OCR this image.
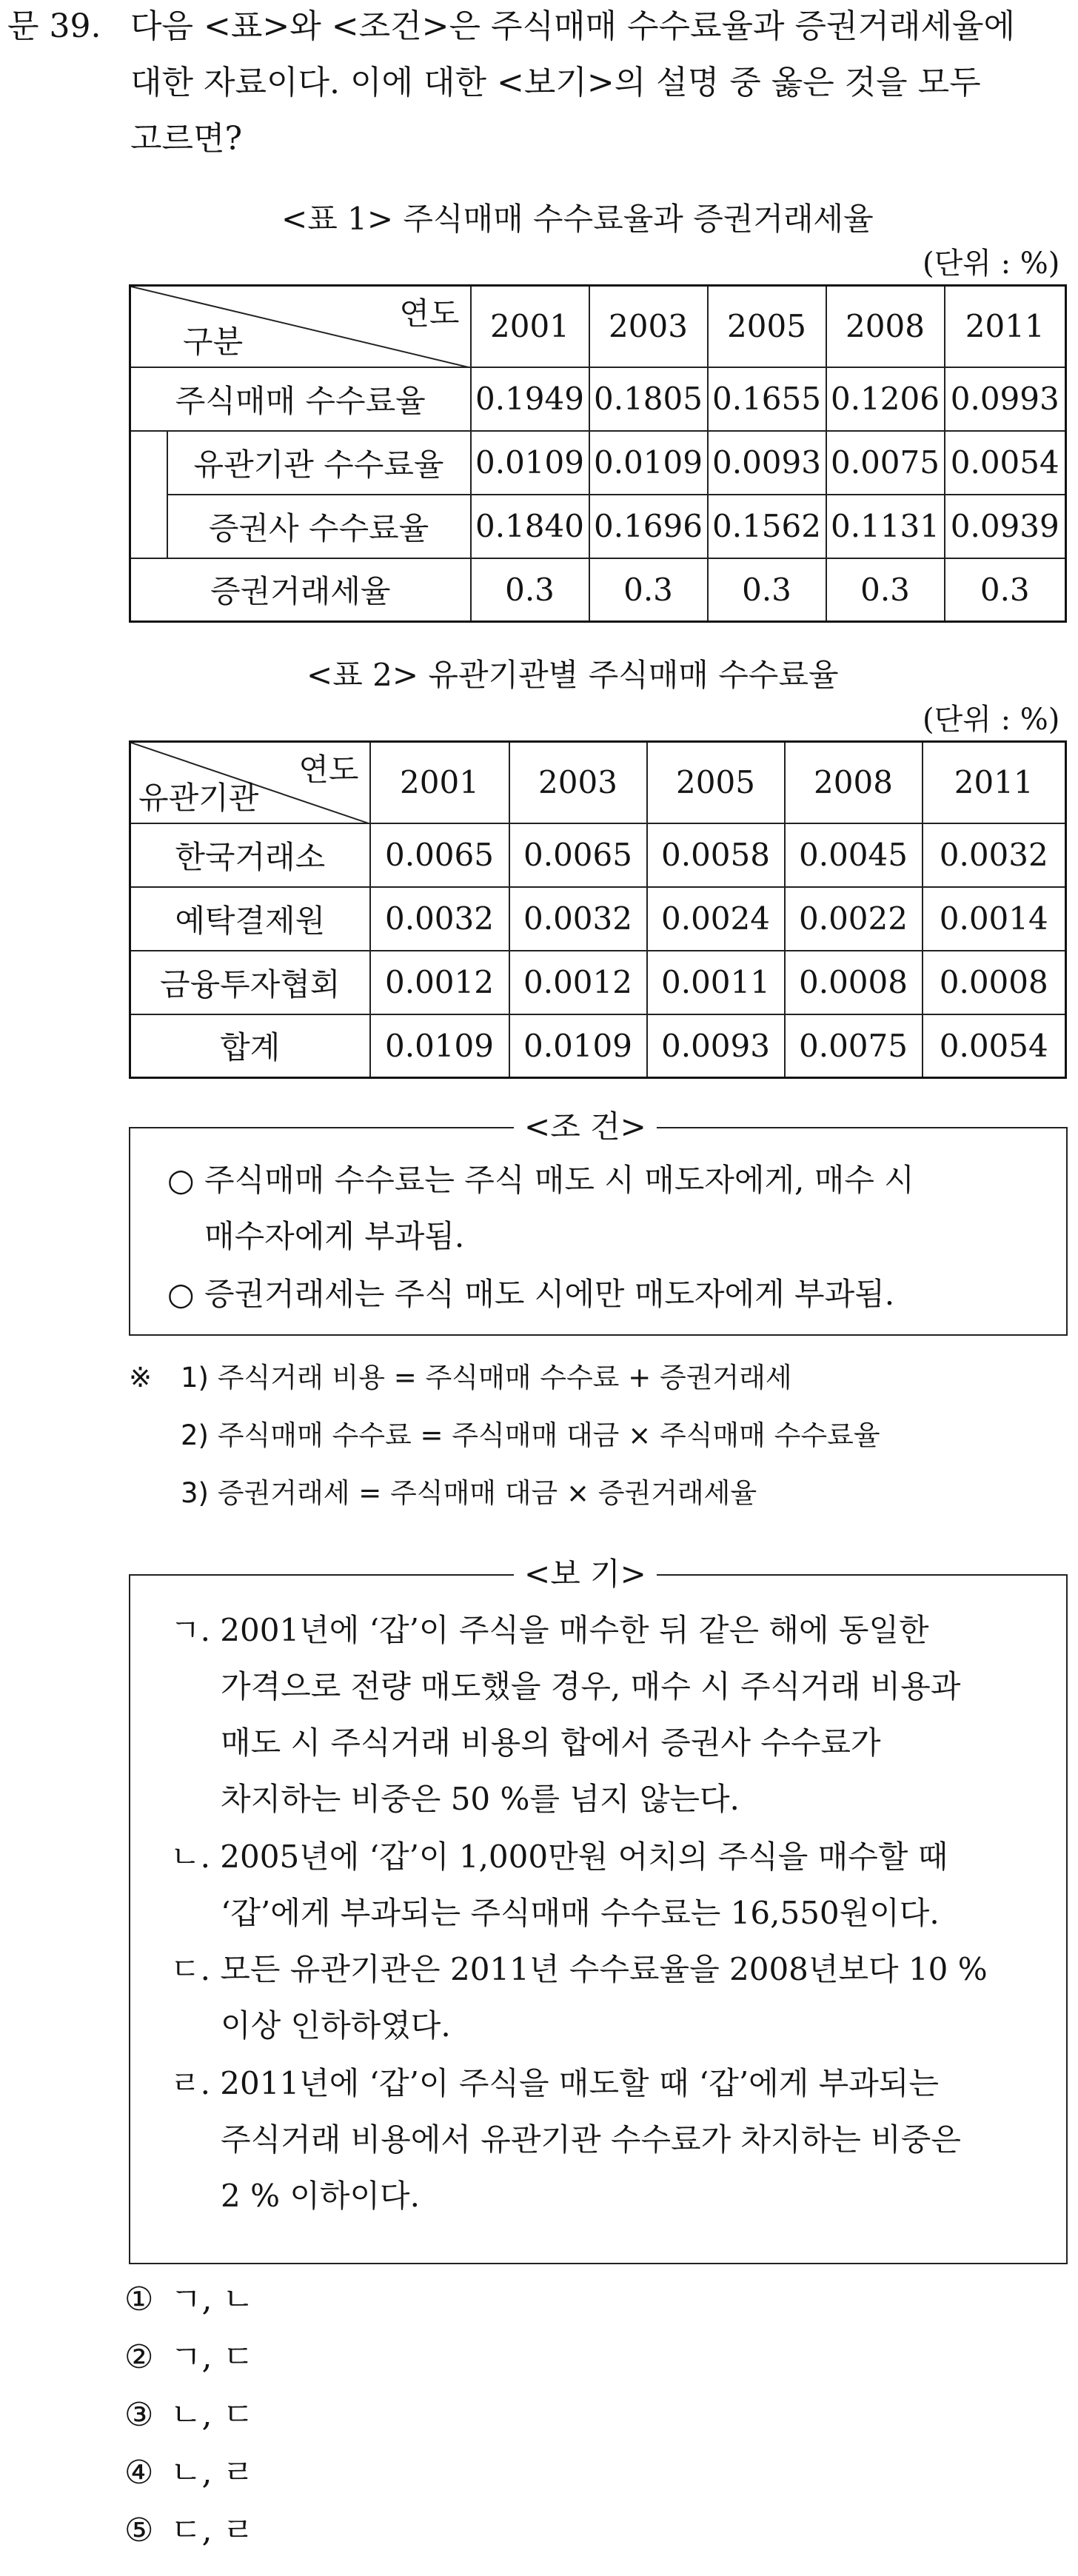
문 39. 다음 <표>와 <조건>은 주식매매 수수료율과 증권거래세율에
대한 자료이다. 이에 대한 <보기>의 설명 중 옳은 것을 모두
고르면?
<표 1> 주식매매 수수료율과 증권거래세율
(단위 : %)
연도
구분		2001	2003	2005	2008	2011
주식매매 수수료율		0.1949	0.1805	0.1655	0.1206	0.0993
	유관기관 수수료율	0.0109	0.0109	0.0093	0.0075	0.0054
	증권사 수수료율	0.1840	0.1696	0.1562	0.1131	0.0939
증권거래세율		0.3	0.3	0.3	0.3	0.3
<표 2> 유관기관별 주식매매 수수료율
(단위 : %)
연도
유관기관	2001	2003	2005	2008	2011
한국거래소	0.0065	0.0065	0.0058	0.0045	0.0032
예탁결제원	0.0032	0.0032	0.0024	0.0022	0.0014
금융투자협회	0.0012	0.0012	0.0011	0.0008	0.0008
합계	0.0109	0.0109	0.0093	0.0075	0.0054
<조 건>
○ 주식매매 수수료는 주식 매도 시 매도자에게, 매수 시
매수자에게 부과됨.
○ 증권거래세는 주식 매도 시에만 매도자에게 부과됨.
※ 1) 주식거래 비용 = 주식매매 수수료 + 증권거래세
2) 주식매매 수수료 = 주식매매 대금 × 주식매매 수수료율
3) 증권거래세 = 주식매매 대금 × 증권거래세율
<보 기>
ㄱ. 2001년에 ‘갑’이 주식을 매수한 뒤 같은 해에 동일한
가격으로 전량 매도했을 경우, 매수 시 주식거래 비용과
매도 시 주식거래 비용의 합에서 증권사 수수료가
차지하는 비중은 50 %를 넘지 않는다.
ㄴ. 2005년에 ‘갑’이 1,000만원 어치의 주식을 매수할 때
‘갑’에게 부과되는 주식매매 수수료는 16,550원이다.
ㄷ. 모든 유관기관은 2011년 수수료율을 2008년보다 10 %
이상 인하하였다.
ㄹ. 2011년에 ‘갑’이 주식을 매도할 때 ‘갑’에게 부과되는
주식거래 비용에서 유관기관 수수료가 차지하는 비중은
2 % 이하이다.
① ㄱ, ㄴ
② ㄱ, ㄷ
③ ㄴ, ㄷ
④ ㄴ, ㄹ
⑤ ㄷ, ㄹ
